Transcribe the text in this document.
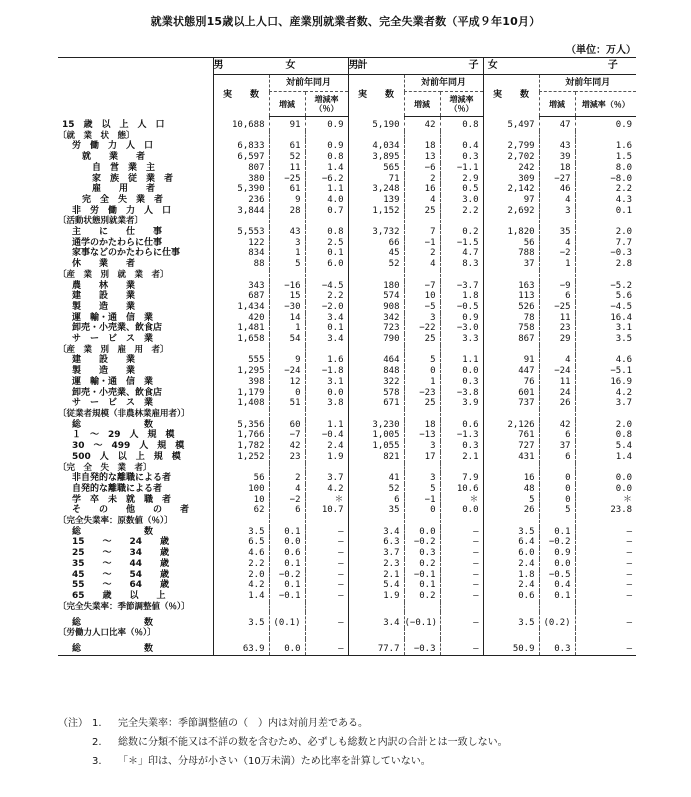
就業状態別15歳以上人口、産業別就業者数、完全失業者数（平成９年10月）
（単位：万人）
	男　　女　　計			男　　　　子			女　　　　子		
	実　　数	対前年同月		実　　数	対前年同月		実　　数	対前年同月	
		増減	増減率（％）		増減	増減率（％）		増減	増減率（％）
15　歳　以　上　人　口	10,688	91	0.9	5,190	42	0.8	5,497	47	0.9
〔就　業　状　態〕									
労　働　力　人　口	6,833	61	0.9	4,034	18	0.4	2,799	43	1.6
就　　業　　者	6,597	52	0.8	3,895	13	0.3	2,702	39	1.5
自　営　業　主	807	11	1.4	565	−6	−1.1	242	18	8.0
家　族　従　業　者	380	−25	−6.2	71	2	2.9	309	−27	−8.0
雇　　用　　者	5,390	61	1.1	3,248	16	0.5	2,142	46	2.2
完　全　失　業　者	236	9	4.0	139	4	3.0	97	4	4.3
非　労　働　力　人　口	3,844	28	0.7	1,152	25	2.2	2,692	3	0.1
〔活動状態別就業者〕									
主　　に　　仕　　事	5,553	43	0.8	3,732	7	0.2	1,820	35	2.0
通学のかたわらに仕事	122	3	2.5	66	−1	−1.5	56	4	7.7
家事などのかたわらに仕事	834	1	0.1	45	2	4.7	788	−2	−0.3
休　　業　　者	88	5	6.0	52	4	8.3	37	1	2.8
〔産　業　別　就　業　者〕									
農　　林　　業	343	−16	−4.5	180	−7	−3.7	163	−9	−5.2
建　　設　　業	687	15	2.2	574	10	1.8	113	6	5.6
製　　造　　業	1,434	−30	−2.0	908	−5	−0.5	526	−25	−4.5
運　輸・通　信　業	420	14	3.4	342	3	0.9	78	11	16.4
卸売・小売業、飲食店	1,481	1	0.1	723	−22	−3.0	758	23	3.1
サ　ー　ビ　ス　業	1,658	54	3.4	790	25	3.3	867	29	3.5
〔産　業　別　雇　用　者〕									
建　　設　　業	555	9	1.6	464	5	1.1	91	4	4.6
製　　造　　業	1,295	−24	−1.8	848	0	0.0	447	−24	−5.1
運　輸・通　信　業	398	12	3.1	322	1	0.3	76	11	16.9
卸売・小売業、飲食店	1,179	0	0.0	578	−23	−3.8	601	24	4.2
サ　ー　ビ　ス　業	1,408	51	3.8	671	25	3.9	737	26	3.7
〔従業者規模（非農林業雇用者）〕									
総　　　　　　　数	5,356	60	1.1	3,230	18	0.6	2,126	42	2.0
１　〜　29　人　規　模	1,766	−7	−0.4	1,005	−13	−1.3	761	6	0.8
30　〜　499　人　規　模	1,782	42	2.4	1,055	3	0.3	727	37	5.4
500　人　以　上　規　模	1,252	23	1.9	821	17	2.1	431	6	1.4
〔完　全　失　業　者〕									
非自発的な離職による者	56	2	3.7	41	3	7.9	16	0	0.0
自発的な離職による者	100	4	4.2	52	5	10.6	48	0	0.0
学　卒　未　就　職　者	10	−2	＊	6	−1	＊	5	0	＊
そ　　の　　他　　の　　者	62	6	10.7	35	0	0.0	26	5	23.8
〔完全失業率：原数値（％）〕									
総　　　　　　　数	3.5	0.1	—	3.4	0.0	—	3.5	0.1	—
15　　〜　　24　　歳	6.5	0.0	—	6.3	−0.2	—	6.4	−0.2	—
25　　〜　　34　　歳	4.6	0.6	—	3.7	0.3	—	6.0	0.9	—
35　　〜　　44　　歳	2.2	0.1	—	2.3	0.2	—	2.4	0.0	—
45　　〜　　54　　歳	2.0	−0.2	—	2.1	−0.1	—	1.8	−0.5	—
55　　〜　　64　　歳	4.2	0.1	—	5.4	0.1	—	2.4	0.4	—
65　　歳　　以　　上	1.4	−0.1	—	1.9	0.2	—	0.6	0.1	—
〔完全失業率：季節調整値（％）〕									
総　　　　　　　数	3.5	(0.1)	—	3.4	(−0.1)	—	3.5	(0.2)	—
〔労働力人口比率（％）〕									
総　　　　　　　数	63.9	0.0	—	77.7	−0.3	—	50.9	0.3	—
（注） 1.	完全失業率：季節調整値の（　）内は対前月差である。
2.	総数に分類不能又は不詳の数を含むため、必ずしも総数と内訳の合計とは一致しない。
3.	「＊」印は、分母が小さい（10万未満）ため比率を計算していない。
